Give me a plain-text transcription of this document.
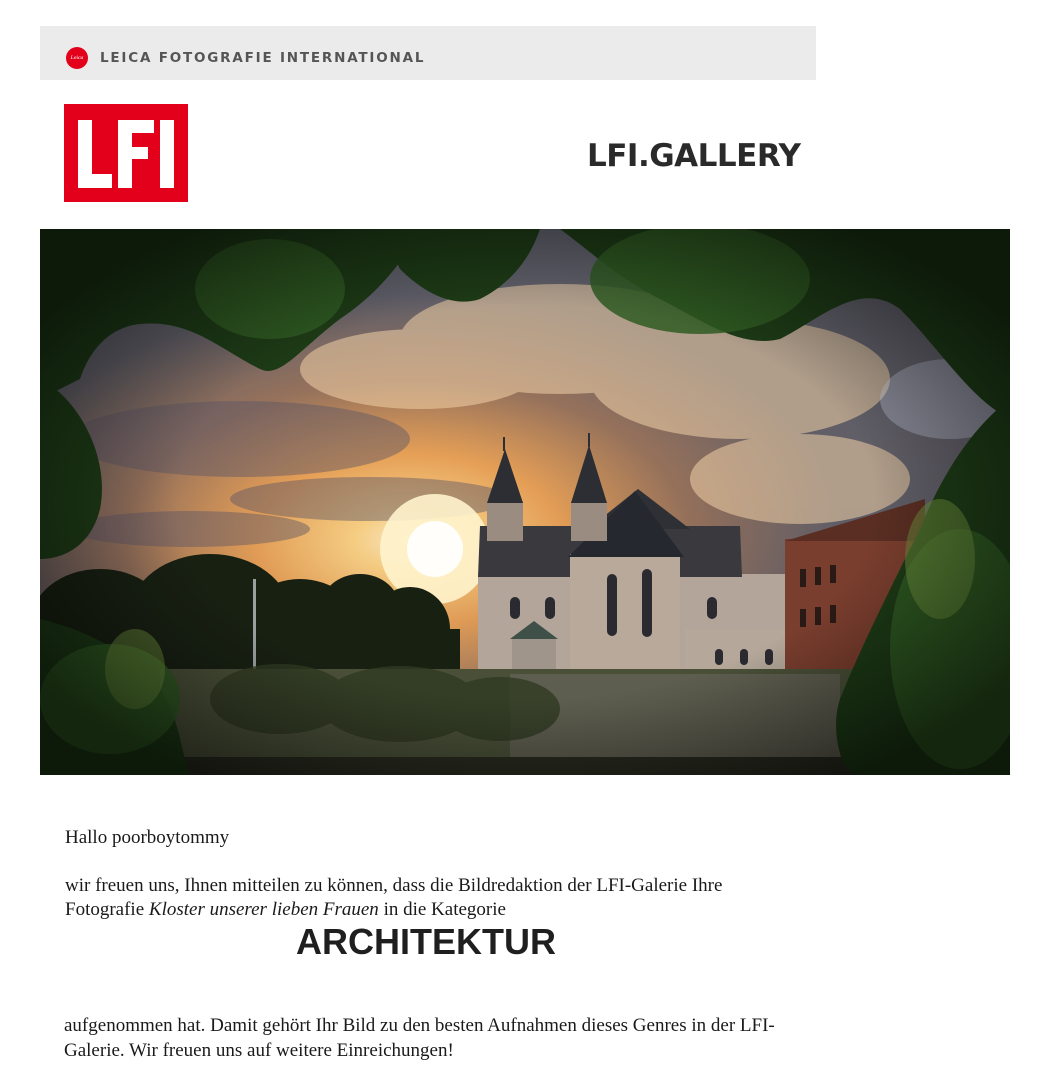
Leica LEICA FOTOGRAFIE INTERNATIONAL
LFI.GALLERY
Hallo poorboytommy
wir freuen uns, Ihnen mitteilen zu können, dass die Bildredaktion der LFI-Galerie Ihre Fotografie Kloster unserer lieben Frauen in die Kategorie
ARCHITEKTUR
aufgenommen hat. Damit gehört Ihr Bild zu den besten Aufnahmen dieses Genres in der LFI-Galerie. Wir freuen uns auf weitere Einreichungen!
